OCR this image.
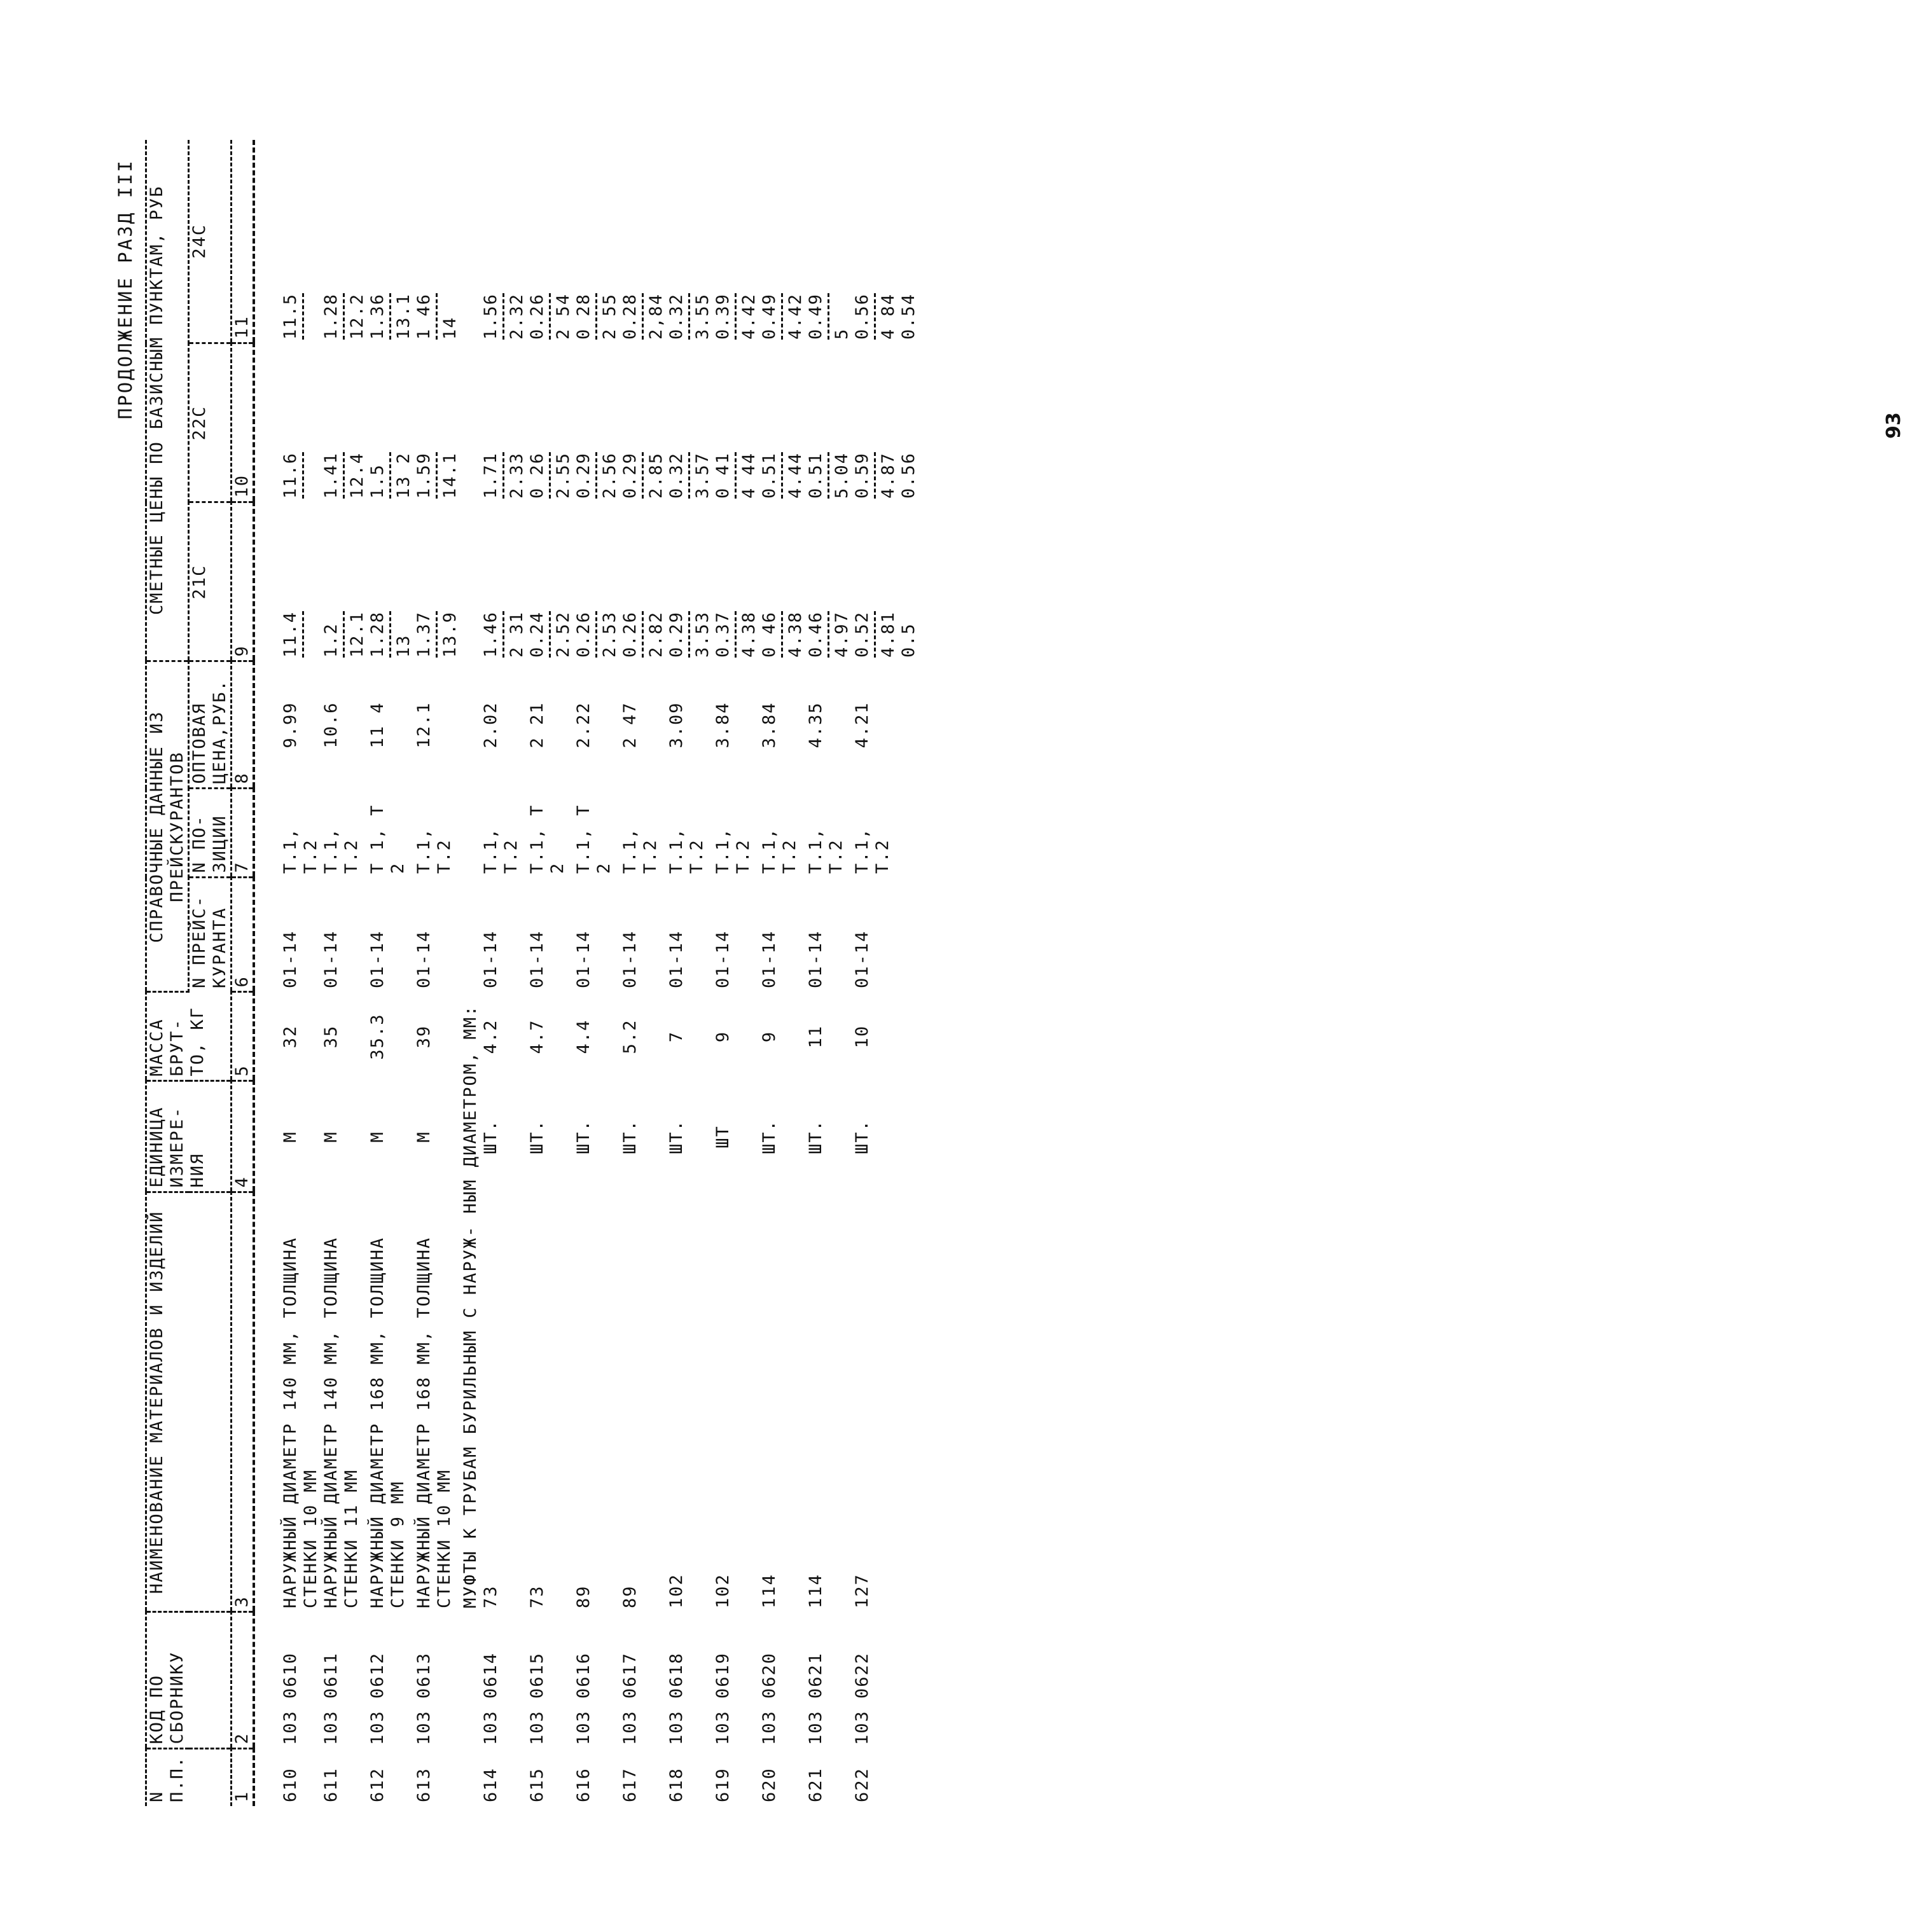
ПРОДОЛЖЕНИЕ РАЗД III
N П.П.	КОД ПО СБОРНИКУ	НАИМЕНОВАНИЕ МАТЕРИАЛОВ И ИЗДЕЛИЙ	ЕДИНИЦА ИЗМЕРЕ- НИЯ	МАССА БРУТ- ТО, КГ	СПРАВОЧНЫЕ ДАННЫЕ ИЗ ПРЕЙСКУРАНТОВ			СМЕТНЫЕ ЦЕНЫ ПО БАЗИСНЫМ ПУНКТАМ, РУБ		
					N ПРЕЙС- КУРАНТА	N ПО- ЗИЦИИ	ОПТОВАЯ ЦЕНА,РУБ.	21С	22С	24С
1	2	3	4	5	6	7	8	9	10	11

610	103 0610	НАРУЖНЫЙ ДИАМЕТР 140 ММ, ТОЛЩИНА СТЕНКИ 10 ММ	М	32	01-14	Т.1, Т.2	9.99	11.4	11.6	11.5

611	103 0611	НАРУЖНЫЙ ДИАМЕТР 140 ММ, ТОЛЩИНА СТЕНКИ 11 ММ	М	35	01-14	Т.1, Т.2	10.6	1.2 12.1	1.41 12.4	1.28 12.2

612	103 0612	НАРУЖНЫЙ ДИАМЕТР 168 ММ, ТОЛЩИНА СТЕНКИ 9 ММ	М	35.3	01-14	Т 1, Т 2	11 4	1.28 13	1.5 13 2	1.36 13.1

613	103 0613	НАРУЖНЫЙ ДИАМЕТР 168 ММ, ТОЛЩИНА СТЕНКИ 10 ММ	М	39	01-14	Т.1, Т.2	12.1	1.37 13.9	1.59 14.1	1 46 14

		МУФТЫ К ТРУБАМ БУРИЛЬНЫМ С НАРУЖ- НЫМ ДИАМЕТРОМ, ММ:								
614	103 0614	73	ШТ.	4.2	01-14	Т.1, Т.2	2.02	1.46 2 31	1.71 2.33	1.56 2.32

615	103 0615	73	ШТ.	4.7	01-14	Т.1, Т 2	2 21	0.24 2.52	0 26 2.55	0.26 2 54

616	103 0616	89	ШТ.	4.4	01-14	Т.1, Т 2	2.22	0.26 2.53	0.29 2.56	0 28 2 55

617	103 0617	89	ШТ.	5.2	01-14	Т.1, Т.2	2 47	0.26 2.82	0.29 2.85	0.28 2,84

618	103 0618	102	ШТ.	7	01-14	Т.1, Т.2	3.09	0.29 3.53	0.32 3.57	0.32 3.55

619	103 0619	102	ШТ	9	01-14	Т.1, Т.2	3.84	0.37 4.38	0 41 4 44	0.39 4.42

620	103 0620	114	ШТ.	9	01-14	Т.1, Т.2	3.84	0 46 4.38	0.51 4.44	0.49 4.42

621	103 0621	114	ШТ.	11	01-14	Т.1, Т.2	4.35	0.46 4.97	0.51 5.04	0.49 5

622	103 0622	127	ШТ.	10	01-14	Т.1, Т.2	4.21	0.52 4.81	0.59 4.87	0.56 4 84

								0.5	0.56	0.54
93
